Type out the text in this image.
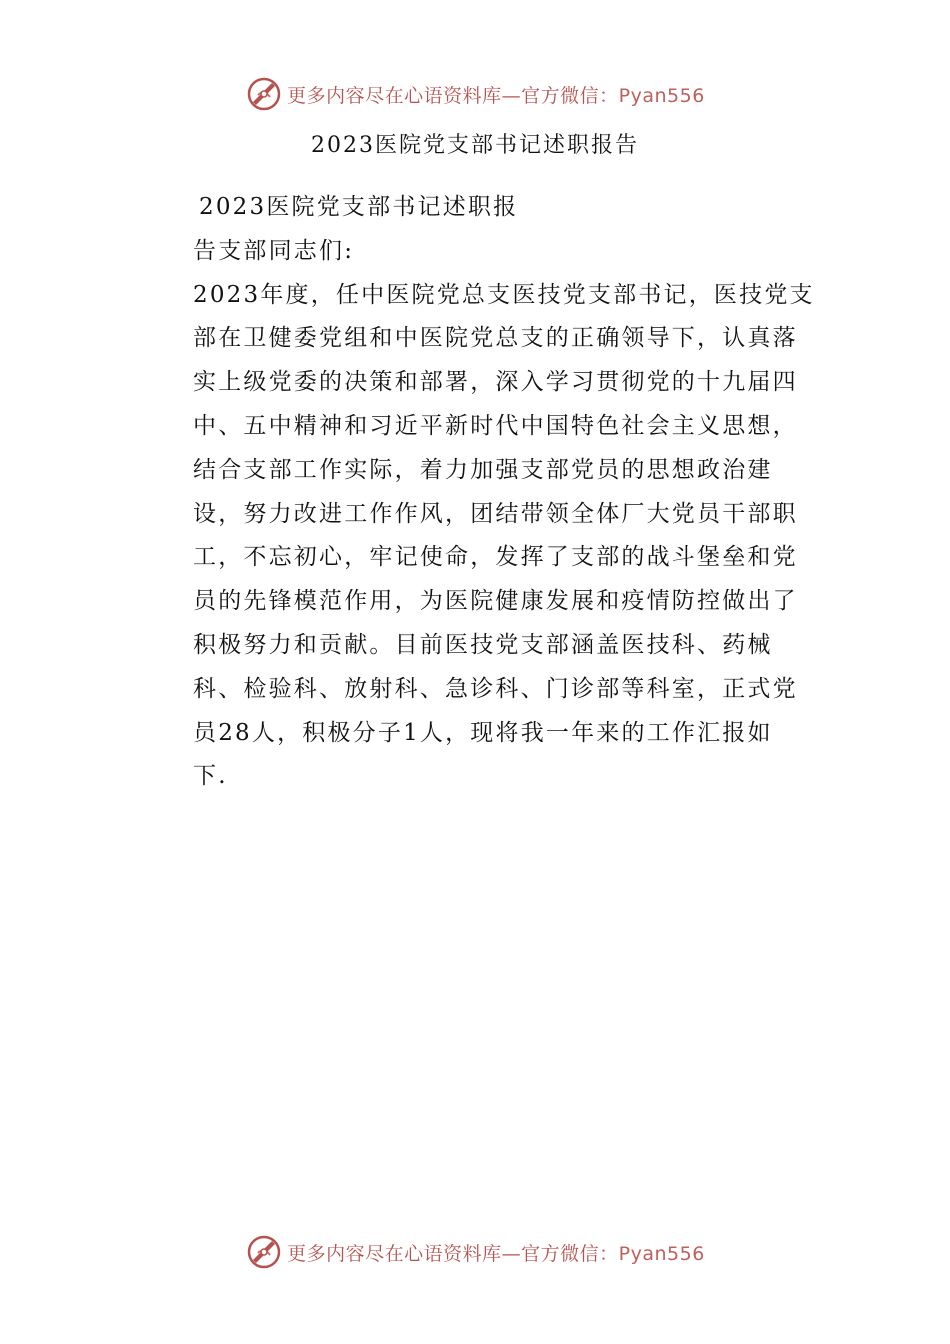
更多内容尽在心语资料库—官方微信：Pyan556
2023医院党支部书记述职报告
2023医院党支部书记述职报
告支部同志们:
2023年度，任中医院党总支医技党支部书记，医技党支
部在卫健委党组和中医院党总支的正确领导下，认真落
实上级党委的决策和部署，深入学习贯彻党的十九届四
中、五中精神和习近平新时代中国特色社会主义思想，
结合支部工作实际，着力加强支部党员的思想政治建
设，努力改进工作作风，团结带领全体厂大党员干部职
工，不忘初心，牢记使命，发挥了支部的战斗堡垒和党
员的先锋模范作用，为医院健康发展和疫情防控做出了
积极努力和贡献。目前医技党支部涵盖医技科、药械
科、检验科、放射科、急诊科、门诊部等科室，正式党
员28人，积极分子1人，现将我一年来的工作汇报如
下.
更多内容尽在心语资料库—官方微信：Pyan556
